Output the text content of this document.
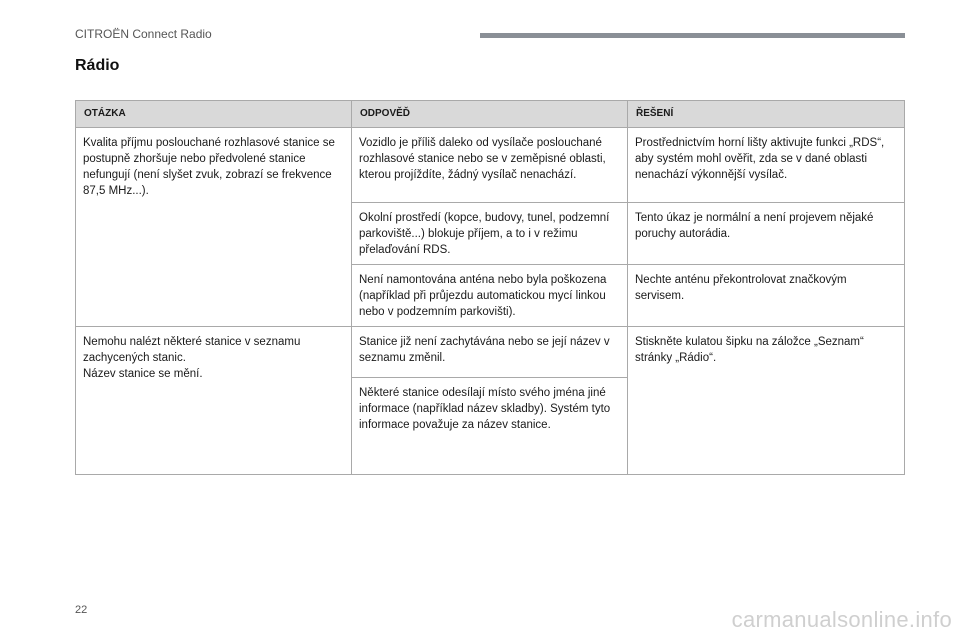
CITROËN Connect Radio
Rádio
OTÁZKA	ODPOVĚĎ	ŘEŠENÍ
Kvalita příjmu poslouchané rozhlasové stanice se postupně zhoršuje nebo předvolené stanice nefungují (není slyšet zvuk, zobrazí se frekvence 87,5 MHz...).	Vozidlo je příliš daleko od vysílače poslouchané rozhlasové stanice nebo se v zeměpisné oblasti, kterou projíždíte, žádný vysílač nenachází.	Prostřednictvím horní lišty aktivujte funkci „RDS“, aby systém mohl ověřit, zda se v dané oblasti nenachází výkonnější vysílač.
	Okolní prostředí (kopce, budovy, tunel, podzemní parkoviště...) blokuje příjem, a to i v režimu přelaďování RDS.	Tento úkaz je normální a není projevem nějaké poruchy autorádia.
	Není namontována anténa nebo byla poškozena (například při průjezdu automatickou mycí linkou nebo v podzemním parkovišti).	Nechte anténu překontrolovat značkovým servisem.

Nemohu nalézt některé stanice v seznamu zachycených stanic.
Název stanice se mění.	Stanice již není zachytávána nebo se její název v seznamu změnil.	Stiskněte kulatou šipku na záložce „Seznam“ stránky „Rádio“.
	Některé stanice odesílají místo svého jména jiné informace (například název skladby). Systém tyto informace považuje za název stanice.	
22	carmanualsonline.info
